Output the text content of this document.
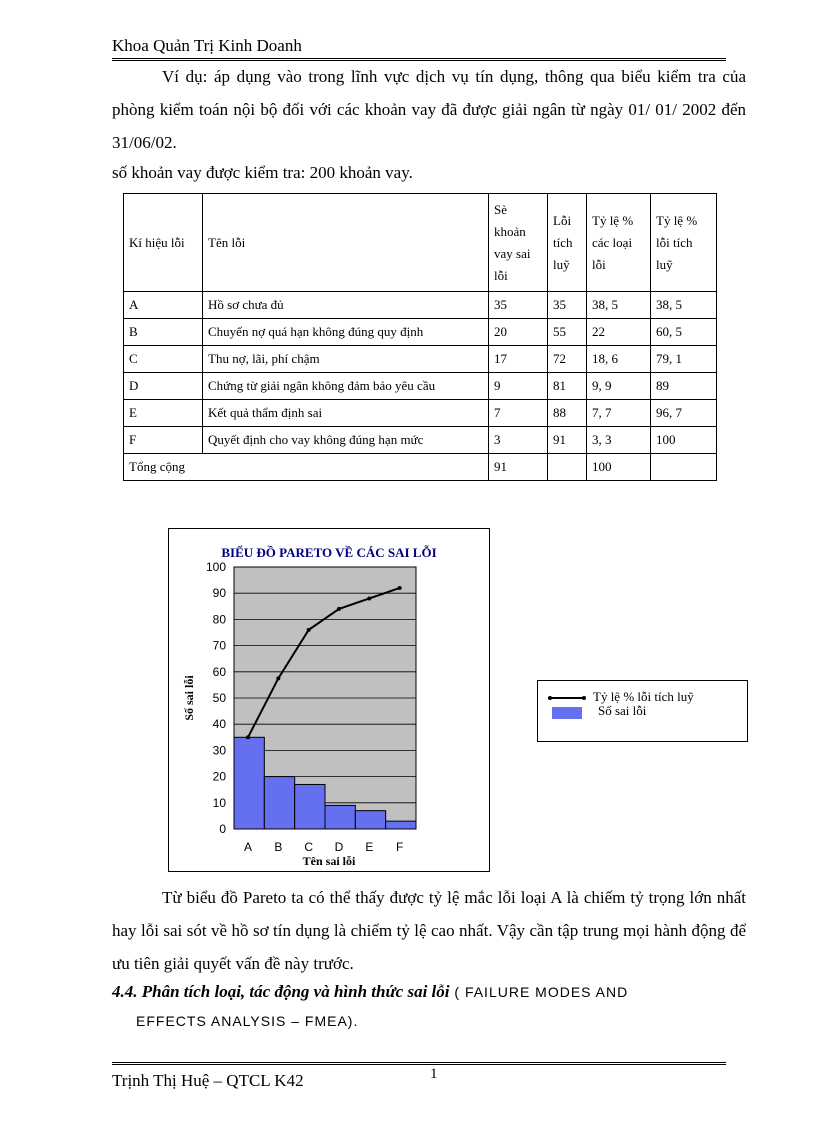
Khoa Quản Trị Kinh Doanh
Ví dụ: áp dụng vào trong lĩnh vực dịch vụ tín dụng, thông qua biểu kiểm tra của phòng kiểm toán nội bộ đối với các khoản vay đã được giải ngân từ ngày 01/ 01/ 2002 đến 31/06/02.
số khoản vay được kiểm tra: 200 khoản vay.
Kí hiệu lỗi	Tên lỗi	Sè khoản vay sai lỗi	Lỗi tích luỹ	Tỷ lệ % các loại lỗi	Tỷ lệ % lỗi tích luỹ
A	Hồ sơ chưa đủ	35	35	38, 5	38, 5
B	Chuyển nợ quá hạn không đúng quy định	20	55	22	60, 5
C	Thu nợ, lãi, phí chậm	17	72	18, 6	79, 1
D	Chứng từ giải ngân không đảm bảo yêu cầu	9	81	9, 9	89
E	Kết quả thẩm định sai	7	88	7, 7	96, 7
F	Quyết định cho vay không đúng hạn mức	3	91	3, 3	100
Tổng cộng		91		100	
0
10
20
30
40
50
60
70
80
90
100
A B C D E F
BIỂU ĐỒ PARETO VỀ CÁC SAI LỖI
Tên sai lỗi
Số sai lỗi	Tỷ lệ % lỗi tích luỹ
Số sai lỗi
Từ biểu đồ Pareto ta có thể thấy được tỷ lệ mắc lỗi loại A là chiếm tỷ trọng lớn nhất hay lỗi sai sót về hồ sơ tín dụng là chiếm tỷ lệ cao nhất. Vậy cần tập trung mọi hành động để ưu tiên giải quyết vấn đề này trước.
4.4. Phân tích loại, tác động và hình thức sai lỗi ( FAILURE MODES AND
EFFECTS ANALYSIS – FMEA).
Trịnh Thị Huệ – QTCL K42	1
